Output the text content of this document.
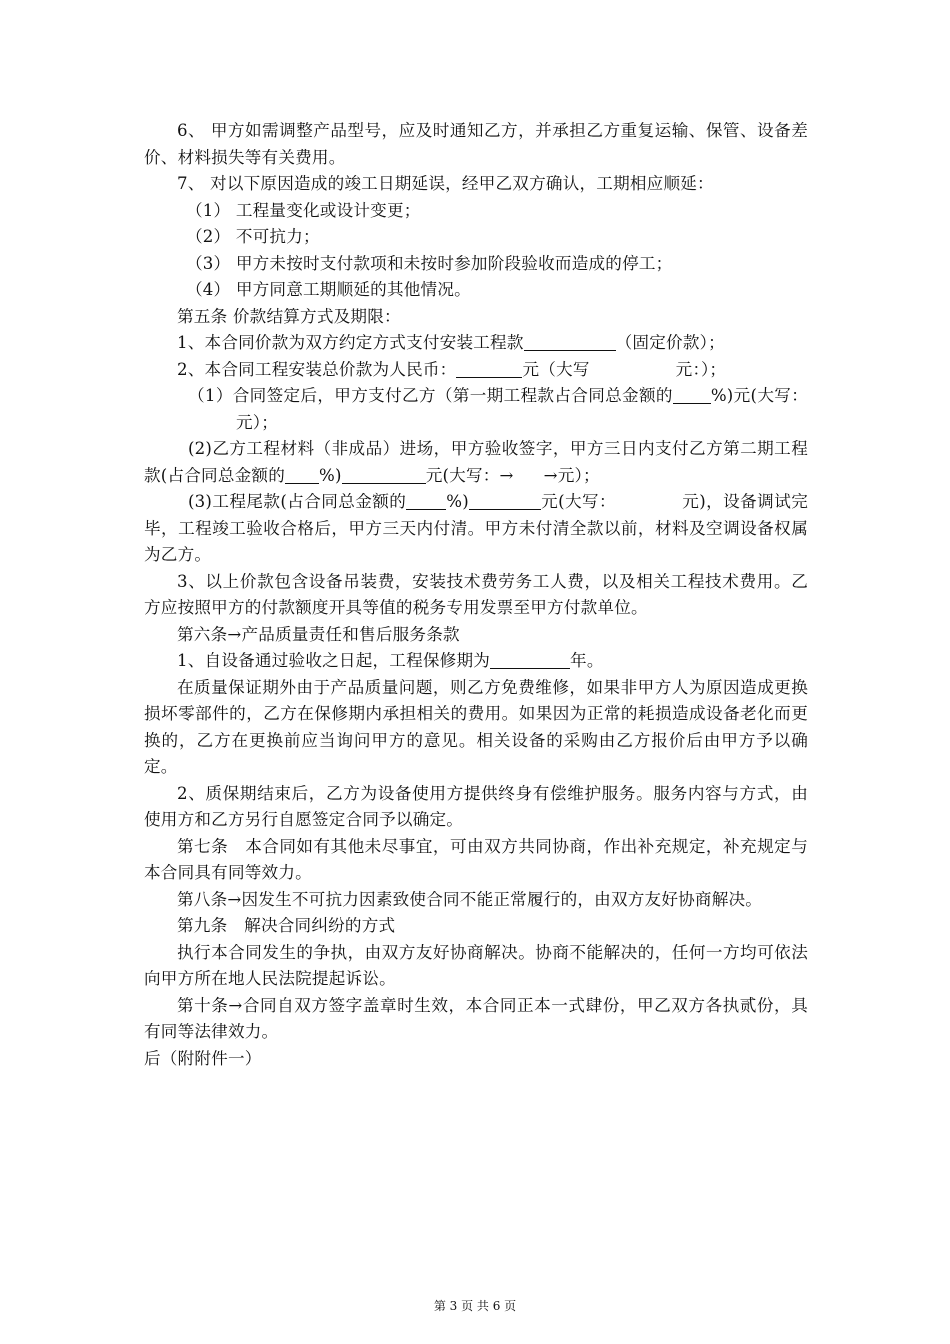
6、 甲方如需调整产品型号，应及时通知乙方，并承担乙方重复运输、保管、设备差价、材料损失等有关费用。

7、 对以下原因造成的竣工日期延误，经甲乙双方确认，工期相应顺延：

（1） 工程量变化或设计变更；

（2） 不可抗力；

（3） 甲方未按时支付款项和未按时参加阶段验收而造成的停工；

（4） 甲方同意工期顺延的其他情况。

第五条 价款结算方式及期限：

1、本合同价款为双方约定方式支付安装工程款	（固定价款）；

2、本合同工程安装总价款为人民币：	元（大写	元：）；

（1）合同签定后，甲方支付乙方（第一期工程款占合同总金额的 %)元(大写：元）；

(2)乙方工程材料（非成品）进场，甲方验收签字，甲方三日内支付乙方第二期工程款(占合同总金额的 %)	元(大写：→ →元）；

(3)工程尾款(占合同总金额的 %)	元(大写：	元)，设备调试完毕，工程竣工验收合格后，甲方三天内付清。甲方未付清全款以前，材料及空调设备权属为乙方。

3、以上价款包含设备吊装费，安装技术费劳务工人费，以及相关工程技术费用。乙方应按照甲方的付款额度开具等值的税务专用发票至甲方付款单位。

第六条→产品质量责任和售后服务条款

1、自设备通过验收之日起，工程保修期为	年。

在质量保证期外由于产品质量问题，则乙方免费维修，如果非甲方人为原因造成更换损坏零部件的，乙方在保修期内承担相关的费用。如果因为正常的耗损造成设备老化而更换的，乙方在更换前应当询问甲方的意见。相关设备的采购由乙方报价后由甲方予以确定。

2、质保期结束后，乙方为设备使用方提供终身有偿维护服务。服务内容与方式，由使用方和乙方另行自愿签定合同予以确定。

第七条　本合同如有其他未尽事宜，可由双方共同协商，作出补充规定，补充规定与本合同具有同等效力。

第八条→因发生不可抗力因素致使合同不能正常履行的，由双方友好协商解决。

第九条　解决合同纠纷的方式

执行本合同发生的争执，由双方友好协商解决。协商不能解决的，任何一方均可依法向甲方所在地人民法院提起诉讼。

第十条→合同自双方签字盖章时生效，本合同正本一式肆份，甲乙双方各执贰份，具有同等法律效力。

后（附附件一）

第 3 页 共 6 页
